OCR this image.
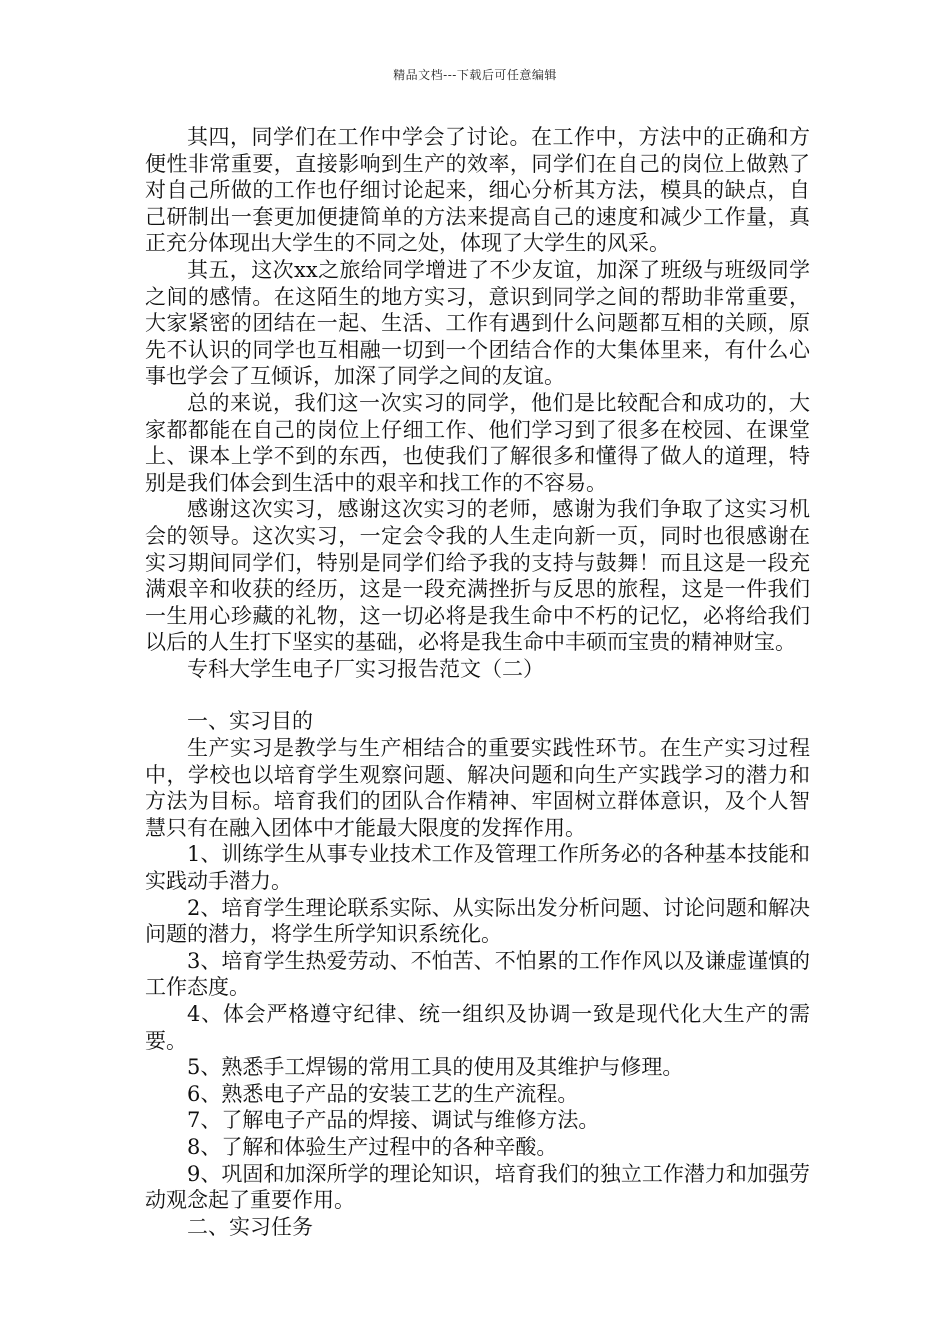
精品文档---下载后可任意编辑

其四，同学们在工作中学会了讨论。在工作中，方法中的正确和方便性非常重要，直接影响到生产的效率，同学们在自己的岗位上做熟了对自己所做的工作也仔细讨论起来，细心分析其方法，模具的缺点，自己研制出一套更加便捷简单的方法来提高自己的速度和减少工作量，真正充分体现出大学生的不同之处，体现了大学生的风采。

其五，这次xx之旅给同学增进了不少友谊，加深了班级与班级同学之间的感情。在这陌生的地方实习，意识到同学之间的帮助非常重要，大家紧密的团结在一起、生活、工作有遇到什么问题都互相的关顾，原先不认识的同学也互相融一切到一个团结合作的大集体里来，有什么心事也学会了互倾诉，加深了同学之间的友谊。

总的来说，我们这一次实习的同学，他们是比较配合和成功的，大家都都能在自己的岗位上仔细工作、他们学习到了很多在校园、在课堂上、课本上学不到的东西，也使我们了解很多和懂得了做人的道理，特别是我们体会到生活中的艰辛和找工作的不容易。

感谢这次实习，感谢这次实习的老师，感谢为我们争取了这实习机会的领导。这次实习，一定会令我的人生走向新一页，同时也很感谢在实习期间同学们，特别是同学们给予我的支持与鼓舞！而且这是一段充满艰辛和收获的经历，这是一段充满挫折与反思的旅程，这是一件我们一生用心珍藏的礼物，这一切必将是我生命中不朽的记忆，必将给我们以后的人生打下坚实的基础，必将是我生命中丰硕而宝贵的精神财宝。

专科大学生电子厂实习报告范文（二）

一、实习目的

生产实习是教学与生产相结合的重要实践性环节。在生产实习过程中，学校也以培育学生观察问题、解决问题和向生产实践学习的潜力和方法为目标。培育我们的团队合作精神、牢固树立群体意识，及个人智慧只有在融入团体中才能最大限度的发挥作用。

1、训练学生从事专业技术工作及管理工作所务必的各种基本技能和实践动手潜力。

2、培育学生理论联系实际、从实际出发分析问题、讨论问题和解决问题的潜力，将学生所学知识系统化。

3、培育学生热爱劳动、不怕苦、不怕累的工作作风以及谦虚谨慎的工作态度。

4、体会严格遵守纪律、统一组织及协调一致是现代化大生产的需要。

5、熟悉手工焊锡的常用工具的使用及其维护与修理。

6、熟悉电子产品的安装工艺的生产流程。

7、了解电子产品的焊接、调试与维修方法。

8、了解和体验生产过程中的各种辛酸。

9、巩固和加深所学的理论知识，培育我们的独立工作潜力和加强劳动观念起了重要作用。

二、实习任务
